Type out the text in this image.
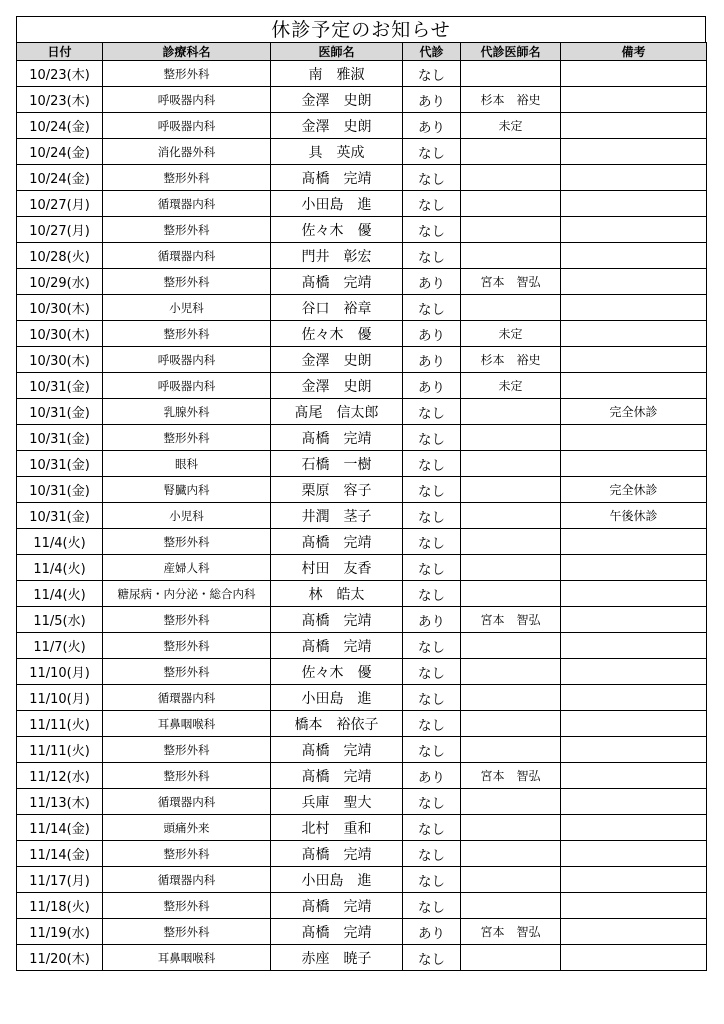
休診予定のお知らせ
日付	診療科名	医師名	代診	代診医師名	備考
10/23(木)	整形外科	南　雅淑	なし		
10/23(木)	呼吸器内科	金澤　史朗	あり	杉本　裕史	
10/24(金)	呼吸器内科	金澤　史朗	あり	未定	
10/24(金)	消化器外科	具　英成	なし		
10/24(金)	整形外科	髙橋　完靖	なし		
10/27(月)	循環器内科	小田島　進	なし		
10/27(月)	整形外科	佐々木　優	なし		
10/28(火)	循環器内科	門井　彰宏	なし		
10/29(水)	整形外科	髙橋　完靖	あり	宮本　智弘	
10/30(木)	小児科	谷口　裕章	なし		
10/30(木)	整形外科	佐々木　優	あり	未定	
10/30(木)	呼吸器内科	金澤　史朗	あり	杉本　裕史	
10/31(金)	呼吸器内科	金澤　史朗	あり	未定	
10/31(金)	乳腺外科	髙尾　信太郎	なし		完全休診
10/31(金)	整形外科	髙橋　完靖	なし		
10/31(金)	眼科	石橋　一樹	なし		
10/31(金)	腎臓内科	栗原　容子	なし		完全休診
10/31(金)	小児科	井潤　茎子	なし		午後休診
11/4(火)	整形外科	髙橋　完靖	なし		
11/4(火)	産婦人科	村田　友香	なし		
11/4(火)	糖尿病・内分泌・総合内科	林　皓太	なし		
11/5(水)	整形外科	髙橋　完靖	あり	宮本　智弘	
11/7(火)	整形外科	髙橋　完靖	なし		
11/10(月)	整形外科	佐々木　優	なし		
11/10(月)	循環器内科	小田島　進	なし		
11/11(火)	耳鼻咽喉科	橋本　裕依子	なし		
11/11(火)	整形外科	髙橋　完靖	なし		
11/12(水)	整形外科	髙橋　完靖	あり	宮本　智弘	
11/13(木)	循環器内科	兵庫　聖大	なし		
11/14(金)	頭痛外来	北村　重和	なし		
11/14(金)	整形外科	髙橋　完靖	なし		
11/17(月)	循環器内科	小田島　進	なし		
11/18(火)	整形外科	髙橋　完靖	なし		
11/19(水)	整形外科	髙橋　完靖	あり	宮本　智弘	
11/20(木)	耳鼻咽喉科	赤座　暁子	なし		
